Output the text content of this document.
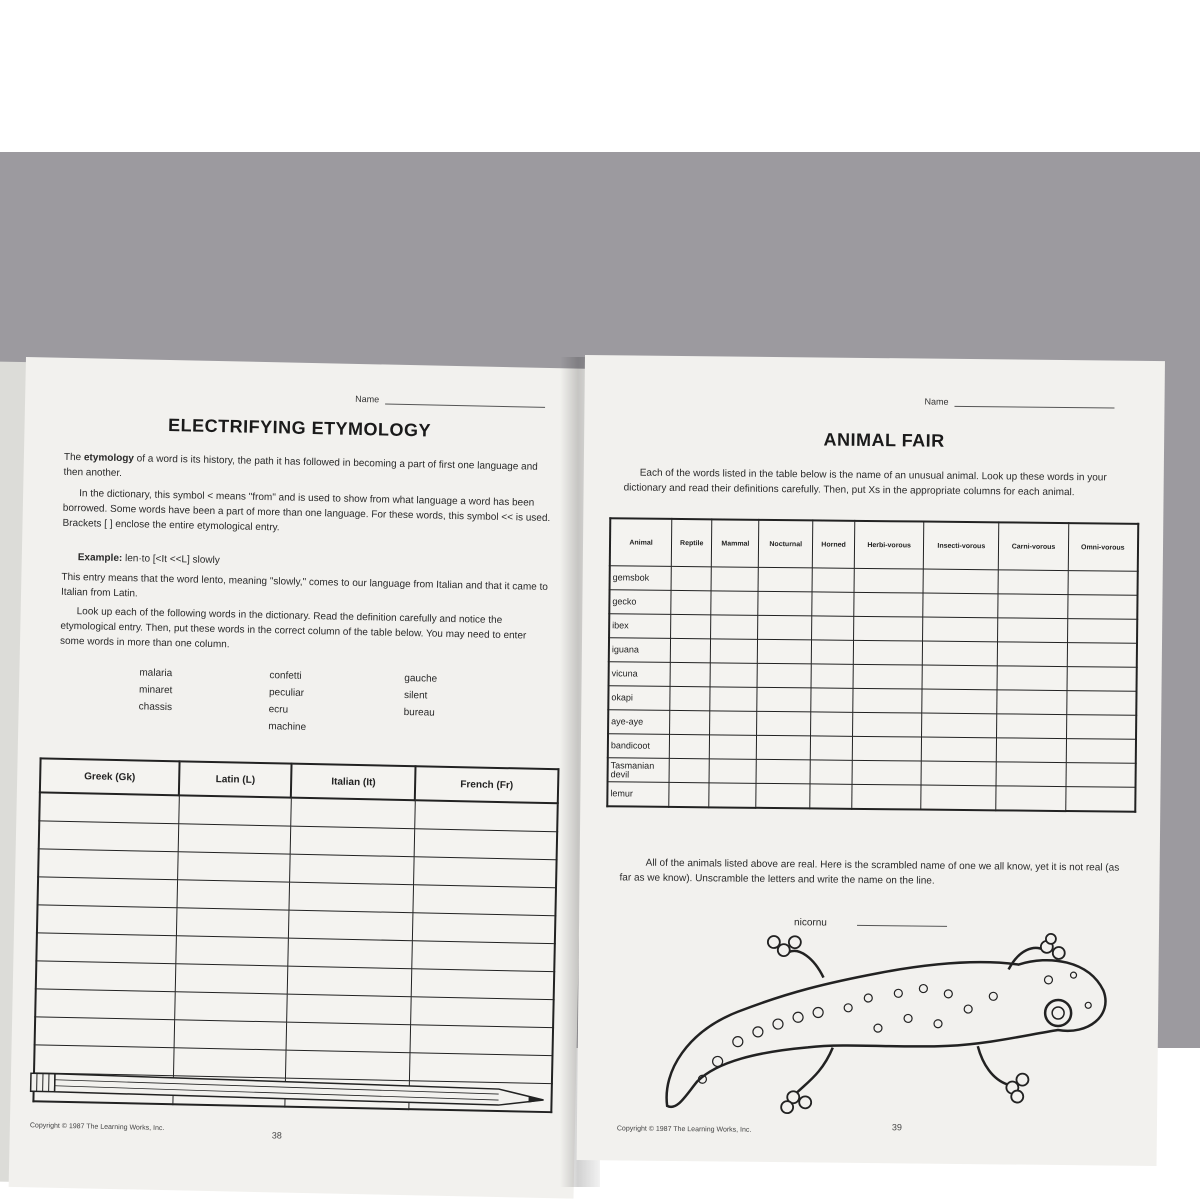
Name
ELECTRIFYING ETYMOLOGY
The etymology of a word is its history, the path it has followed in becoming a part of first one language and then another.
In the dictionary, this symbol < means "from" and is used to show from what language a word has been borrowed. Some words have been a part of more than one language. For these words, this symbol << is used. Brackets [ ] enclose the entire etymological entry.
Example: len·to [<It <<L] slowly
This entry means that the word lento, meaning "slowly," comes to our language from Italian and that it came to Italian from Latin.
Look up each of the following words in the dictionary. Read the definition carefully and notice the etymological entry. Then, put these words in the correct column of the table below. You may need to enter some words in more than one column.
malaria
minaret
chassis
confetti
peculiar
ecru
machine
gauche
silent
bureau
Greek (Gk)	Latin (L)	Italian (It)	French (Fr)

Copyright © 1987 The Learning Works, Inc.
38
Name
ANIMAL FAIR
Each of the words listed in the table below is the name of an unusual animal. Look up these words in your dictionary and read their definitions carefully. Then, put Xs in the appropriate columns for each animal.
Animal	Reptile	Mammal	Nocturnal	Horned	Herbi-vorous	Insecti-vorous	Carni-vorous	Omni-vorous
gemsbok								
gecko								
ibex								
iguana								
vicuna								
okapi								
aye-aye								
bandicoot								
Tasmanian devil								
lemur								
All of the animals listed above are real. Here is the scrambled name of one we all know, yet it is not real (as far as we know). Unscramble the letters and write the name on the line.
nicornu
Copyright © 1987 The Learning Works, Inc.	39
